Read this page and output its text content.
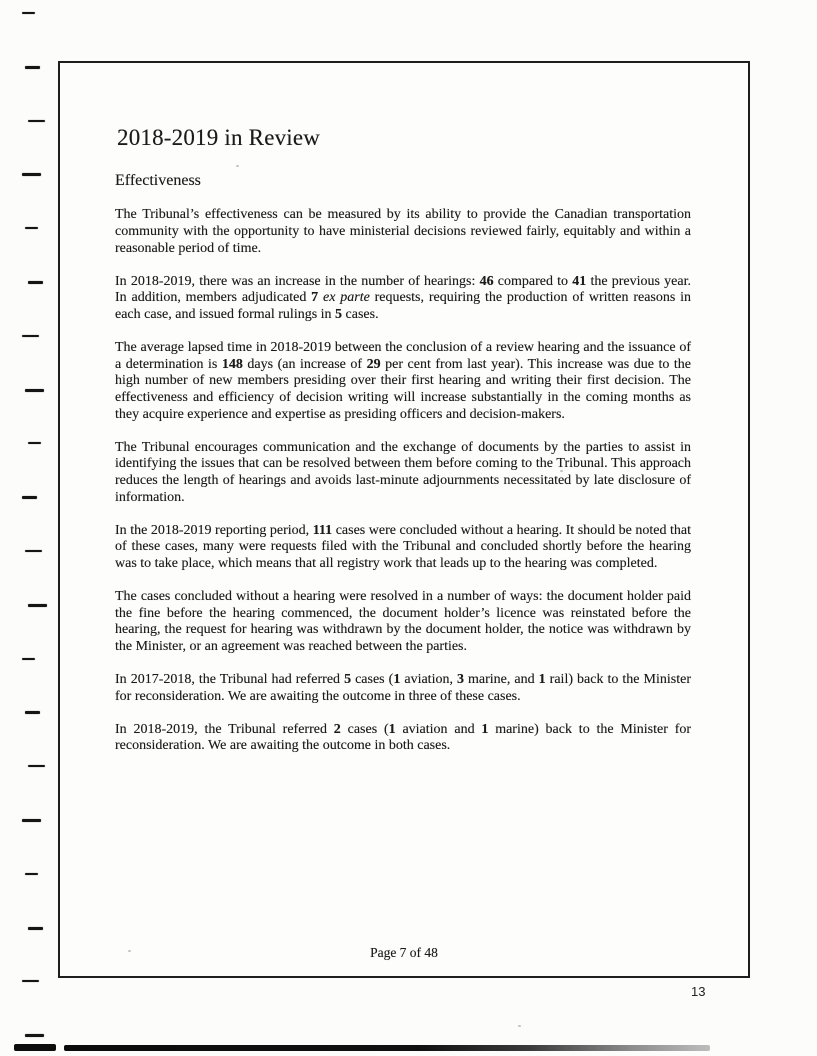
2018-2019 in Review
Effectiveness

The Tribunal’s effectiveness can be measured by its ability to provide the Canadian transportation community with the opportunity to have ministerial decisions reviewed fairly, equitably and within a reasonable period of time.

In 2018-2019, there was an increase in the number of hearings: 46 compared to 41 the previous year. In addition, members adjudicated 7 ex parte requests, requiring the production of written reasons in each case, and issued formal rulings in 5 cases.

The average lapsed time in 2018-2019 between the conclusion of a review hearing and the issuance of a determination is 148 days (an increase of 29 per cent from last year). This increase was due to the high number of new members presiding over their first hearing and writing their first decision. The effectiveness and efficiency of decision writing will increase substantially in the coming months as they acquire experience and expertise as presiding officers and decision-makers.

The Tribunal encourages communication and the exchange of documents by the parties to assist in identifying the issues that can be resolved between them before coming to the Tribunal. This approach reduces the length of hearings and avoids last-minute adjournments necessitated by late disclosure of information.

In the 2018-2019 reporting period, 111 cases were concluded without a hearing. It should be noted that of these cases, many were requests filed with the Tribunal and concluded shortly before the hearing was to take place, which means that all registry work that leads up to the hearing was completed.

The cases concluded without a hearing were resolved in a number of ways: the document holder paid the fine before the hearing commenced, the document holder’s licence was reinstated before the hearing, the request for hearing was withdrawn by the document holder, the notice was withdrawn by the Minister, or an agreement was reached between the parties.

In 2017-2018, the Tribunal had referred 5 cases (1 aviation, 3 marine, and 1 rail) back to the Minister for reconsideration. We are awaiting the outcome in three of these cases.

In 2018-2019, the Tribunal referred 2 cases (1 aviation and 1 marine) back to the Minister for reconsideration. We are awaiting the outcome in both cases.

Page 7 of 48
13
